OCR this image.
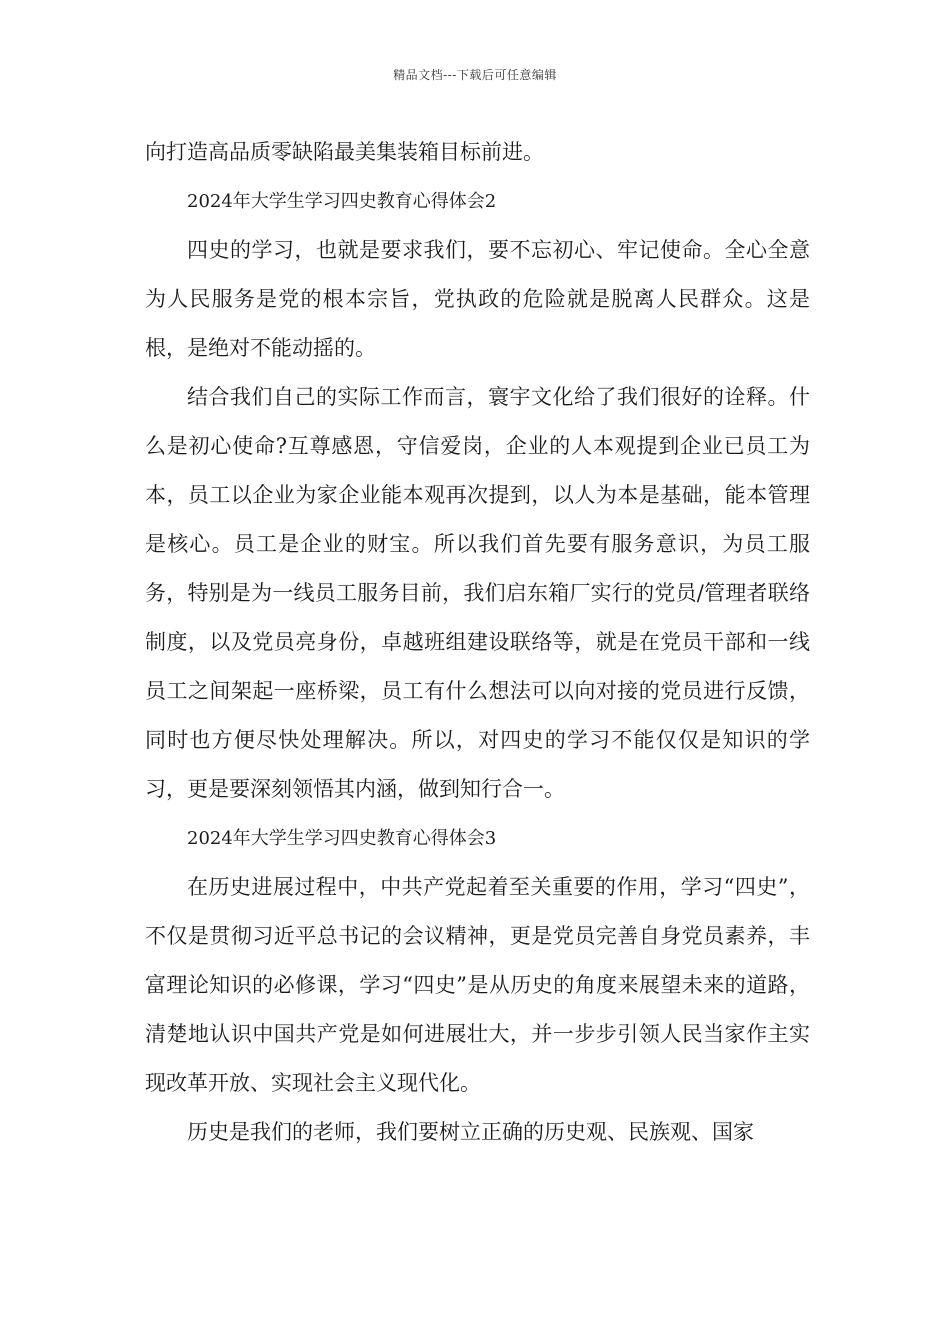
精品文档---下载后可任意编辑

向打造高品质零缺陷最美集装箱目标前进。

2024年大学生学习四史教育心得体会2

四史的学习，也就是要求我们，要不忘初心、牢记使命。全心全意为人民服务是党的根本宗旨，党执政的危险就是脱离人民群众。这是根，是绝对不能动摇的。

结合我们自己的实际工作而言，寰宇文化给了我们很好的诠释。什么是初心使命?互尊感恩，守信爱岗，企业的人本观提到企业已员工为本，员工以企业为家企业能本观再次提到，以人为本是基础，能本管理是核心。员工是企业的财宝。所以我们首先要有服务意识，为员工服务，特别是为一线员工服务目前，我们启东箱厂实行的党员/管理者联络制度，以及党员亮身份，卓越班组建设联络等，就是在党员干部和一线员工之间架起一座桥梁，员工有什么想法可以向对接的党员进行反馈，同时也方便尽快处理解决。所以，对四史的学习不能仅仅是知识的学习，更是要深刻领悟其内涵，做到知行合一。

2024年大学生学习四史教育心得体会3

在历史进展过程中，中共产党起着至关重要的作用，学习“四史”，不仅是贯彻习近平总书记的会议精神，更是党员完善自身党员素养，丰富理论知识的必修课，学习“四史”是从历史的角度来展望未来的道路，清楚地认识中国共产党是如何进展壮大，并一步步引领人民当家作主实现改革开放、实现社会主义现代化。

历史是我们的老师，我们要树立正确的历史观、民族观、国家
